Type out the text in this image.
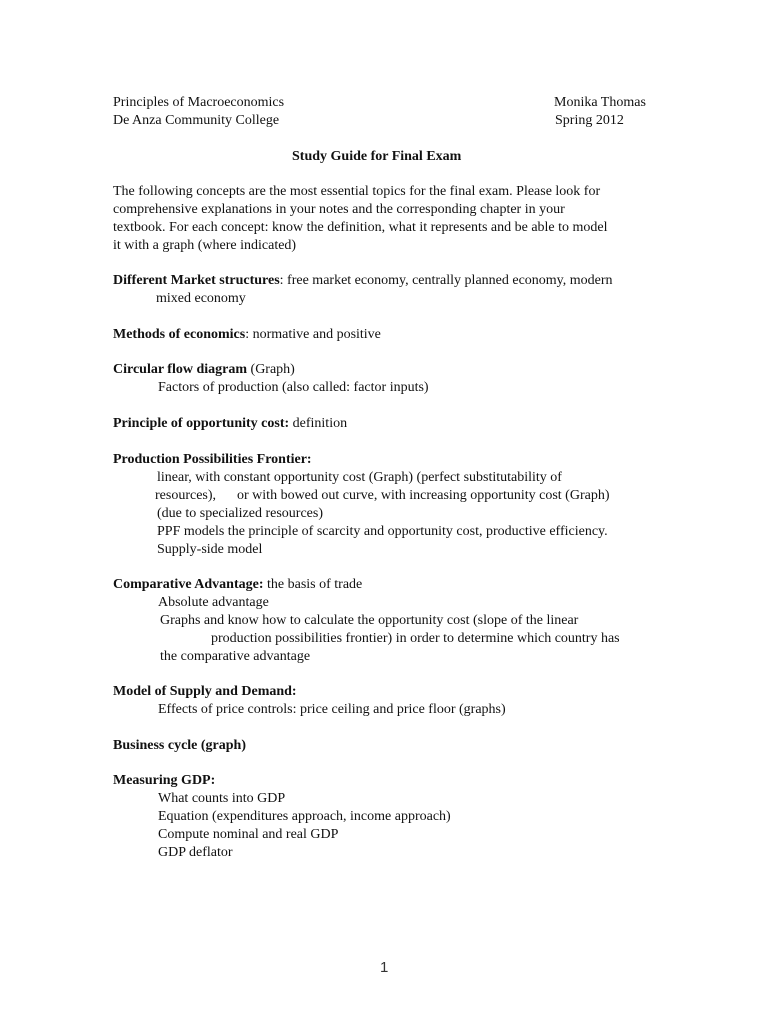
Principles of Macroeconomics	Monika Thomas
De Anza Community College	Spring 2012
Study Guide for Final Exam
The following concepts are the most essential topics for the final exam. Please look for
comprehensive explanations in your notes and the corresponding chapter in your
textbook. For each concept: know the definition, what it represents and be able to model
it with a graph (where indicated)
Different Market structures: free market economy, centrally planned economy, modern
mixed economy
Methods of economics: normative and positive
Circular flow diagram (Graph)
Factors of production (also called: factor inputs)
Principle of opportunity cost: definition
Production Possibilities Frontier:
linear, with constant opportunity cost (Graph) (perfect substitutability of
resources),      or with bowed out curve, with increasing opportunity cost (Graph)
(due to specialized resources)
PPF models the principle of scarcity and opportunity cost, productive efficiency.
Supply-side model
Comparative Advantage: the basis of trade
Absolute advantage
Graphs and know how to calculate the opportunity cost (slope of the linear
production possibilities frontier) in order to determine which country has
the comparative advantage
Model of Supply and Demand:
Effects of price controls: price ceiling and price floor (graphs)
Business cycle (graph)
Measuring GDP:
What counts into GDP
Equation (expenditures approach, income approach)
Compute nominal and real GDP
GDP deflator
1
